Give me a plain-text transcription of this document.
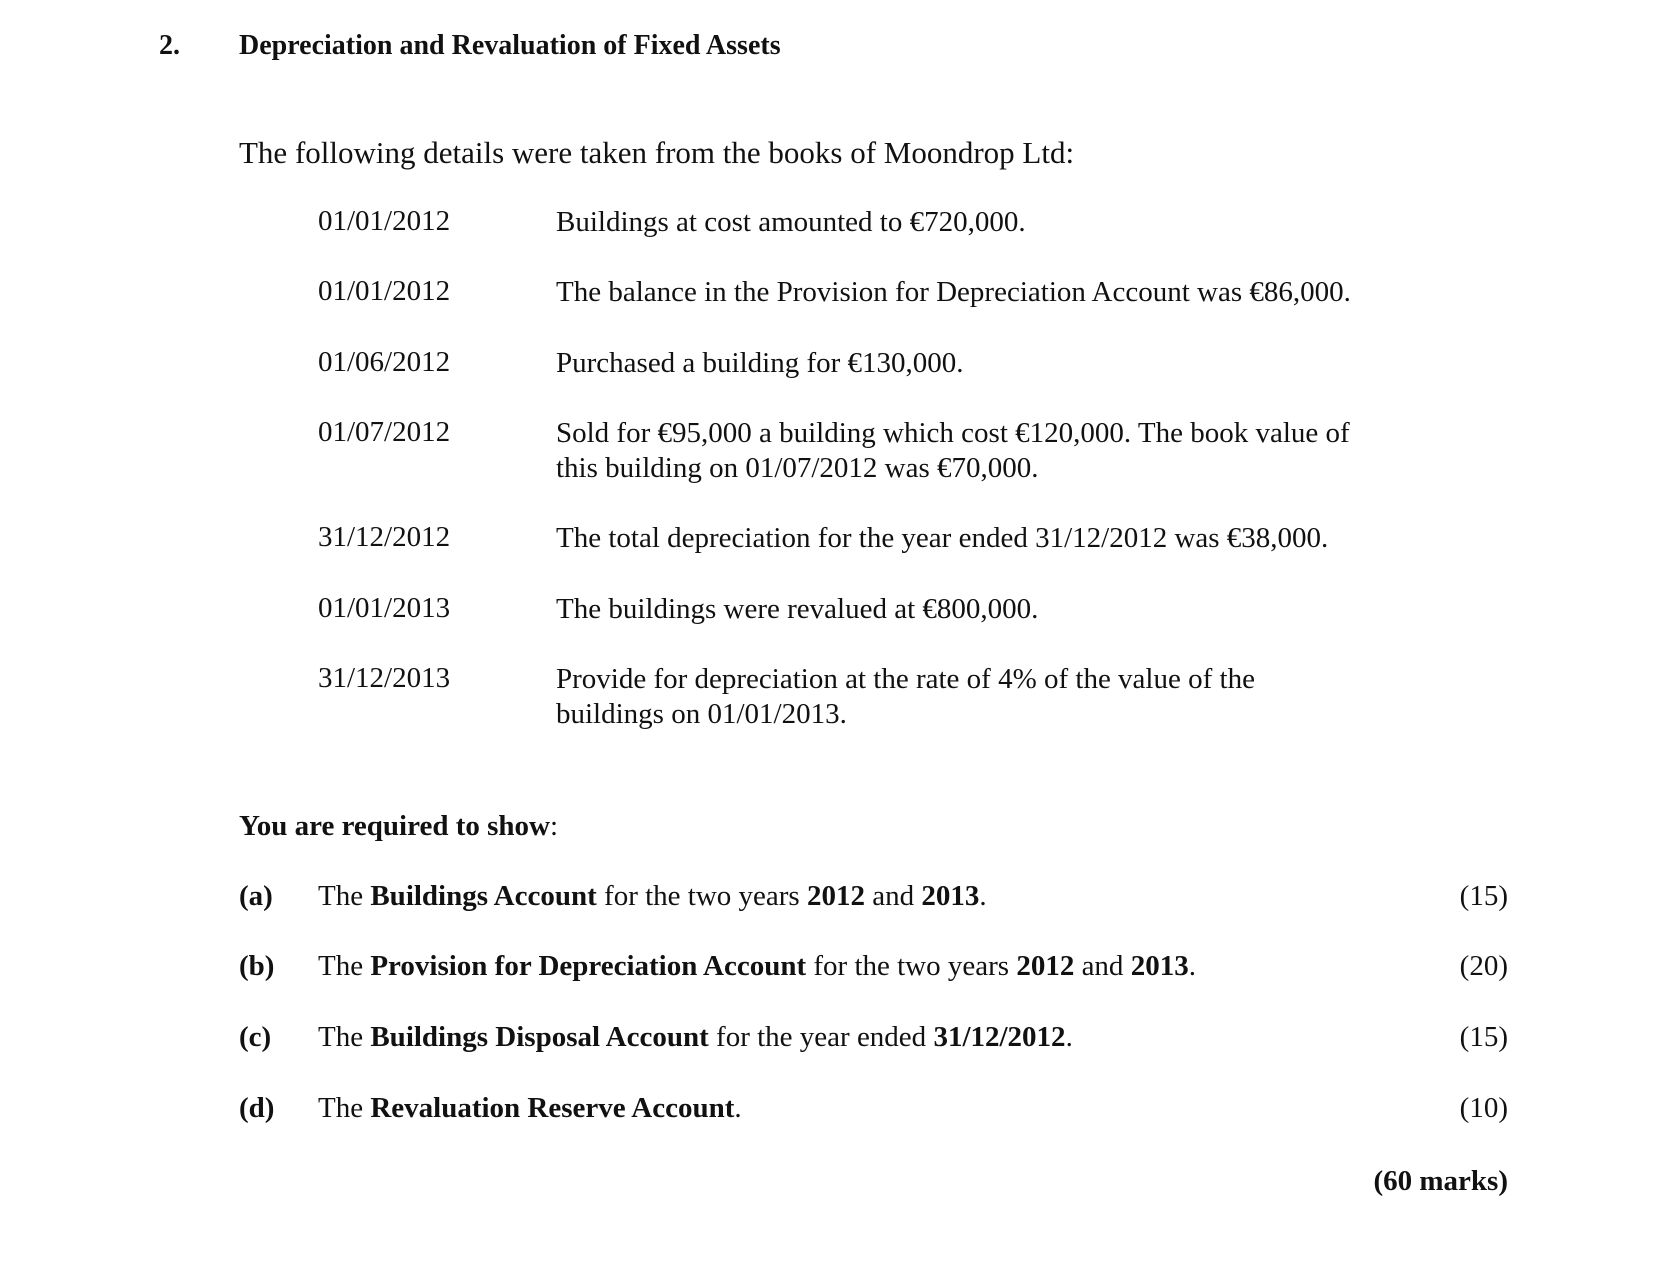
2. Depreciation and Revaluation of Fixed Assets
The following details were taken from the books of Moondrop Ltd:
01/01/2012	Buildings at cost amounted to €720,000.
01/01/2012	The balance in the Provision for Depreciation Account was €86,000.
01/06/2012	Purchased a building for €130,000.
01/07/2012	Sold for €95,000 a building which cost €120,000. The book value of this building on 01/07/2012 was €70,000.
31/12/2012	The total depreciation for the year ended 31/12/2012 was €38,000.
01/01/2013	The buildings were revalued at €800,000.
31/12/2013	Provide for depreciation at the rate of 4% of the value of the buildings on 01/01/2013.
You are required to show:
(a) The Buildings Account for the two years 2012 and 2013.	(15)
(b) The Provision for Depreciation Account for the two years 2012 and 2013.	(20)
(c) The Buildings Disposal Account for the year ended 31/12/2012.	(15)
(d) The Revaluation Reserve Account.	(10)
(60 marks)
